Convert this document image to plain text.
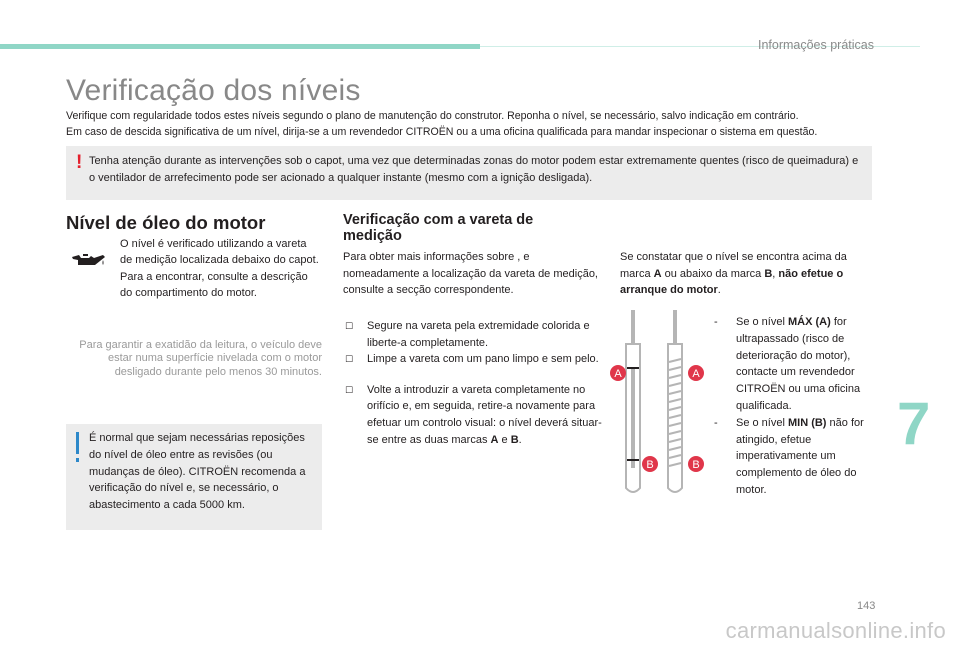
Informações práticas
Verificação dos níveis
Verifique com regularidade todos estes níveis segundo o plano de manutenção do construtor. Reponha o nível, se necessário, salvo indicação em contrário.
Em caso de descida significativa de um nível, dirija-se a um revendedor CITROËN ou a uma oficina qualificada para mandar inspecionar o sistema em questão.
! Tenha atenção durante as intervenções sob o capot, uma vez que determinadas zonas do motor podem estar extremamente quentes (risco de queimadura) e o ventilador de arrefecimento pode ser acionado a qualquer instante (mesmo com a ignição desligada).
Nível de óleo do motor
O nível é verificado utilizando a vareta de medição localizada debaixo do capot. Para a encontrar, consulte a descrição do compartimento do motor.
Para garantir a exatidão da leitura, o veículo deve estar numa superfície nivelada com o motor desligado durante pelo menos 30 minutos.
É normal que sejam necessárias reposições do nível de óleo entre as revisões (ou mudanças de óleo). CITROËN recomenda a verificação do nível e, se necessário, o abastecimento a cada 5000 km.
Verificação com a vareta de medição
Para obter mais informações sobre , e nomeadamente a localização da vareta de medição, consulte a secção correspondente.
☐ Segure na vareta pela extremidade colorida e liberte-a completamente.
☐ Limpe a vareta com um pano limpo e sem pelo.
☐ Volte a introduzir a vareta completamente no orifício e, em seguida, retire-a novamente para efetuar um controlo visual: o nível deverá situar-se entre as duas marcas A e B.
Se constatar que o nível se encontra acima da marca A ou abaixo da marca B, não efetue o arranque do motor.
A	A
B	B
- Se o nível MÁX (A) for ultrapassado (risco de deterioração do motor), contacte um revendedor CITROËN ou uma oficina qualificada.
- Se o nível MIN (B) não for atingido, efetue imperativamente um complemento de óleo do motor.
7
143
carmanualsonline.info
